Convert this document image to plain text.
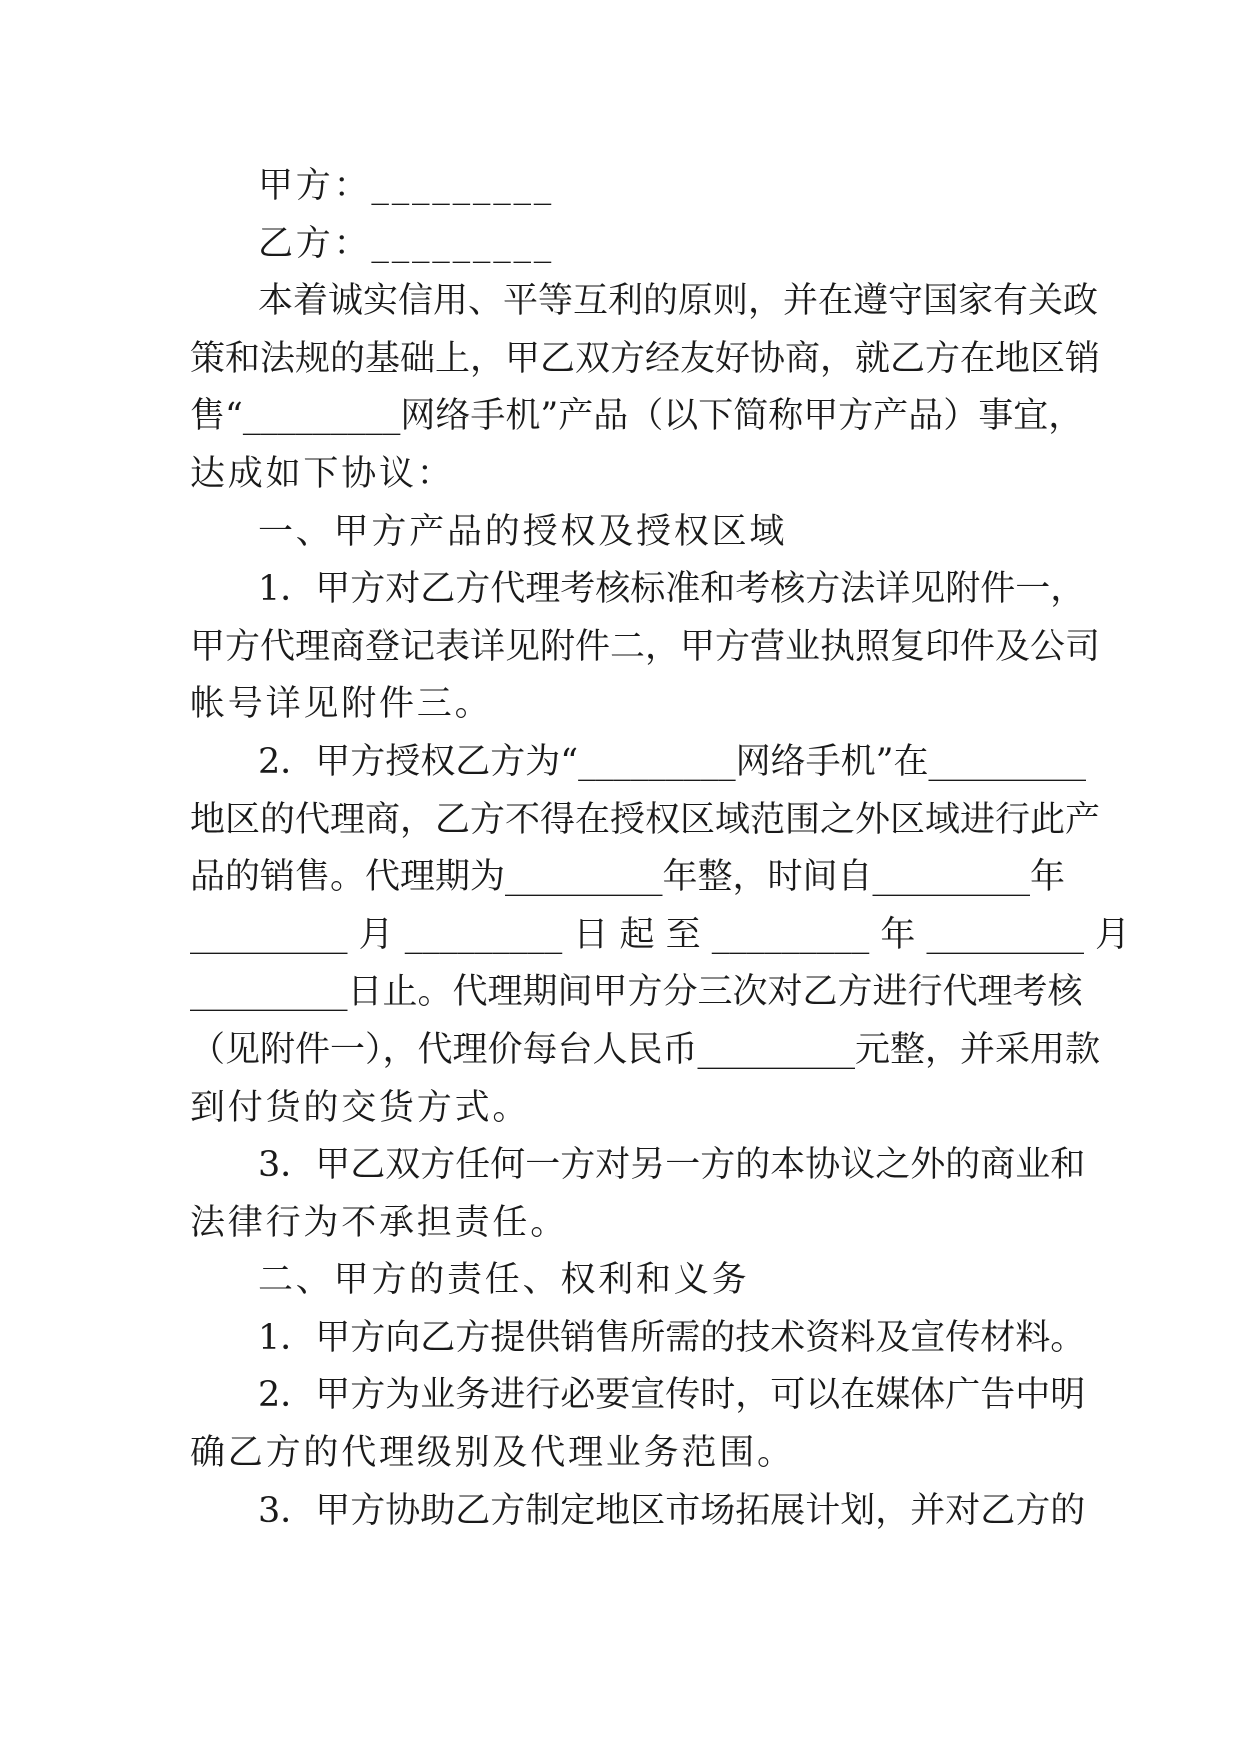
甲方：_________
乙方：_________
本着诚实信用、平等互利的原则，并在遵守国家有关政
策和法规的基础上，甲乙双方经友好协商，就乙方在地区销
售“_________网络手机”产品（以下简称甲方产品）事宜，
达成如下协议：
一、甲方产品的授权及授权区域
1．甲方对乙方代理考核标准和考核方法详见附件一，
甲方代理商登记表详见附件二，甲方营业执照复印件及公司
帐号详见附件三。
2．甲方授权乙方为“_________网络手机”在_________
地区的代理商，乙方不得在授权区域范围之外区域进行此产
品的销售。代理期为_________年整，时间自_________年
_________ 月 _________ 日 起 至 _________ 年 _________ 月
_________日止。代理期间甲方分三次对乙方进行代理考核
（见附件一），代理价每台人民币_________元整，并采用款
到付货的交货方式。
3．甲乙双方任何一方对另一方的本协议之外的商业和
法律行为不承担责任。
二、甲方的责任、权利和义务
1．甲方向乙方提供销售所需的技术资料及宣传材料。
2．甲方为业务进行必要宣传时，可以在媒体广告中明
确乙方的代理级别及代理业务范围。
3．甲方协助乙方制定地区市场拓展计划，并对乙方的
